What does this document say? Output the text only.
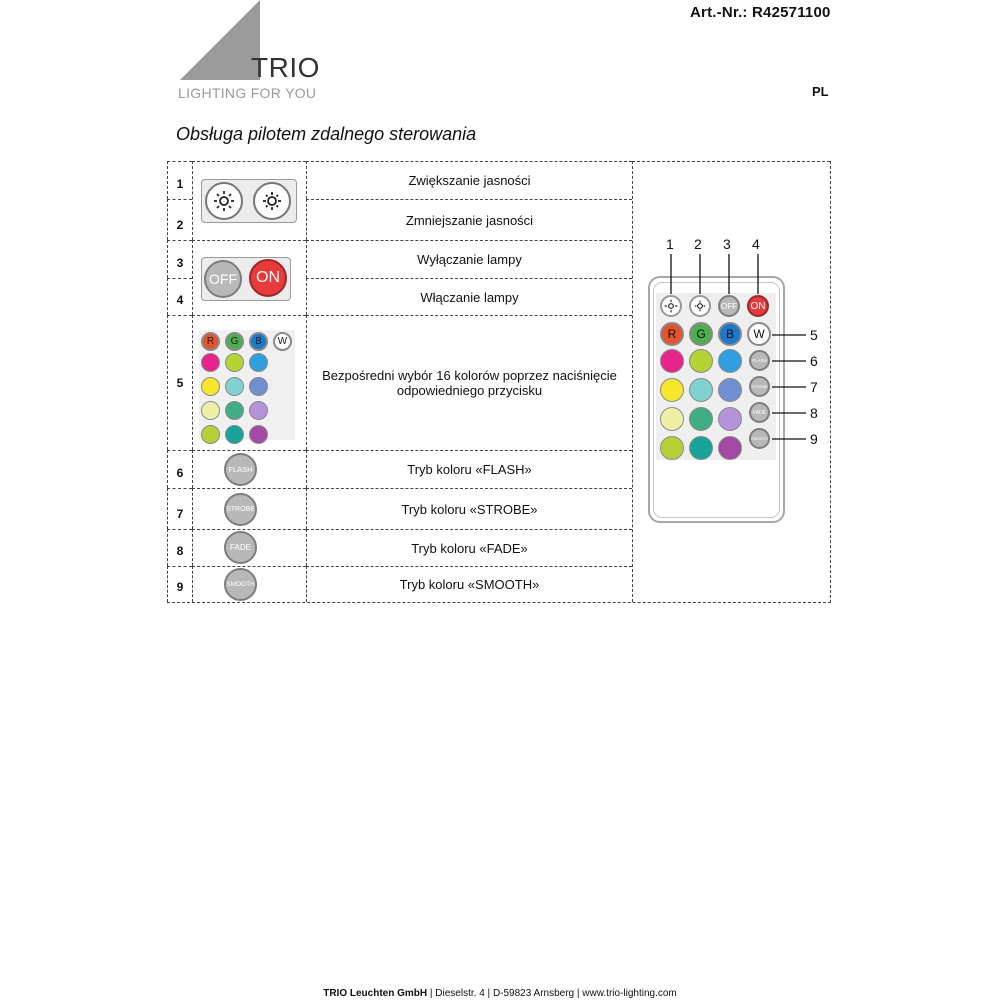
Art.-Nr.: R42571100
PL
TRIO
LIGHTING FOR YOU
Obsługa pilotem zdalnego sterowania
1	Zwiększanie jasności
2	Zmniejszanie jasności
3	Wyłączanie lampy
4	Włączanie lampy
5	Bezpośredni wybór 16 kolorów poprzez naciśnięcie odpowiedniego przycisku
6	Tryb koloru «FLASH»
7	Tryb koloru «STROBE»
8	Tryb koloru «FADE»
9	Tryb koloru «SMOOTH»
OFF	ON
R	G	B	W
FLASH
STROBE
FADE
SMOOTH
1 2 3 4
OFF	ON
R	G	B	W
FLASH
STROBE
FADE
SMOOTH
5
6
7
8
9
TRIO Leuchten GmbH | Dieselstr. 4 | D-59823 Arnsberg | www.trio-lighting.com
